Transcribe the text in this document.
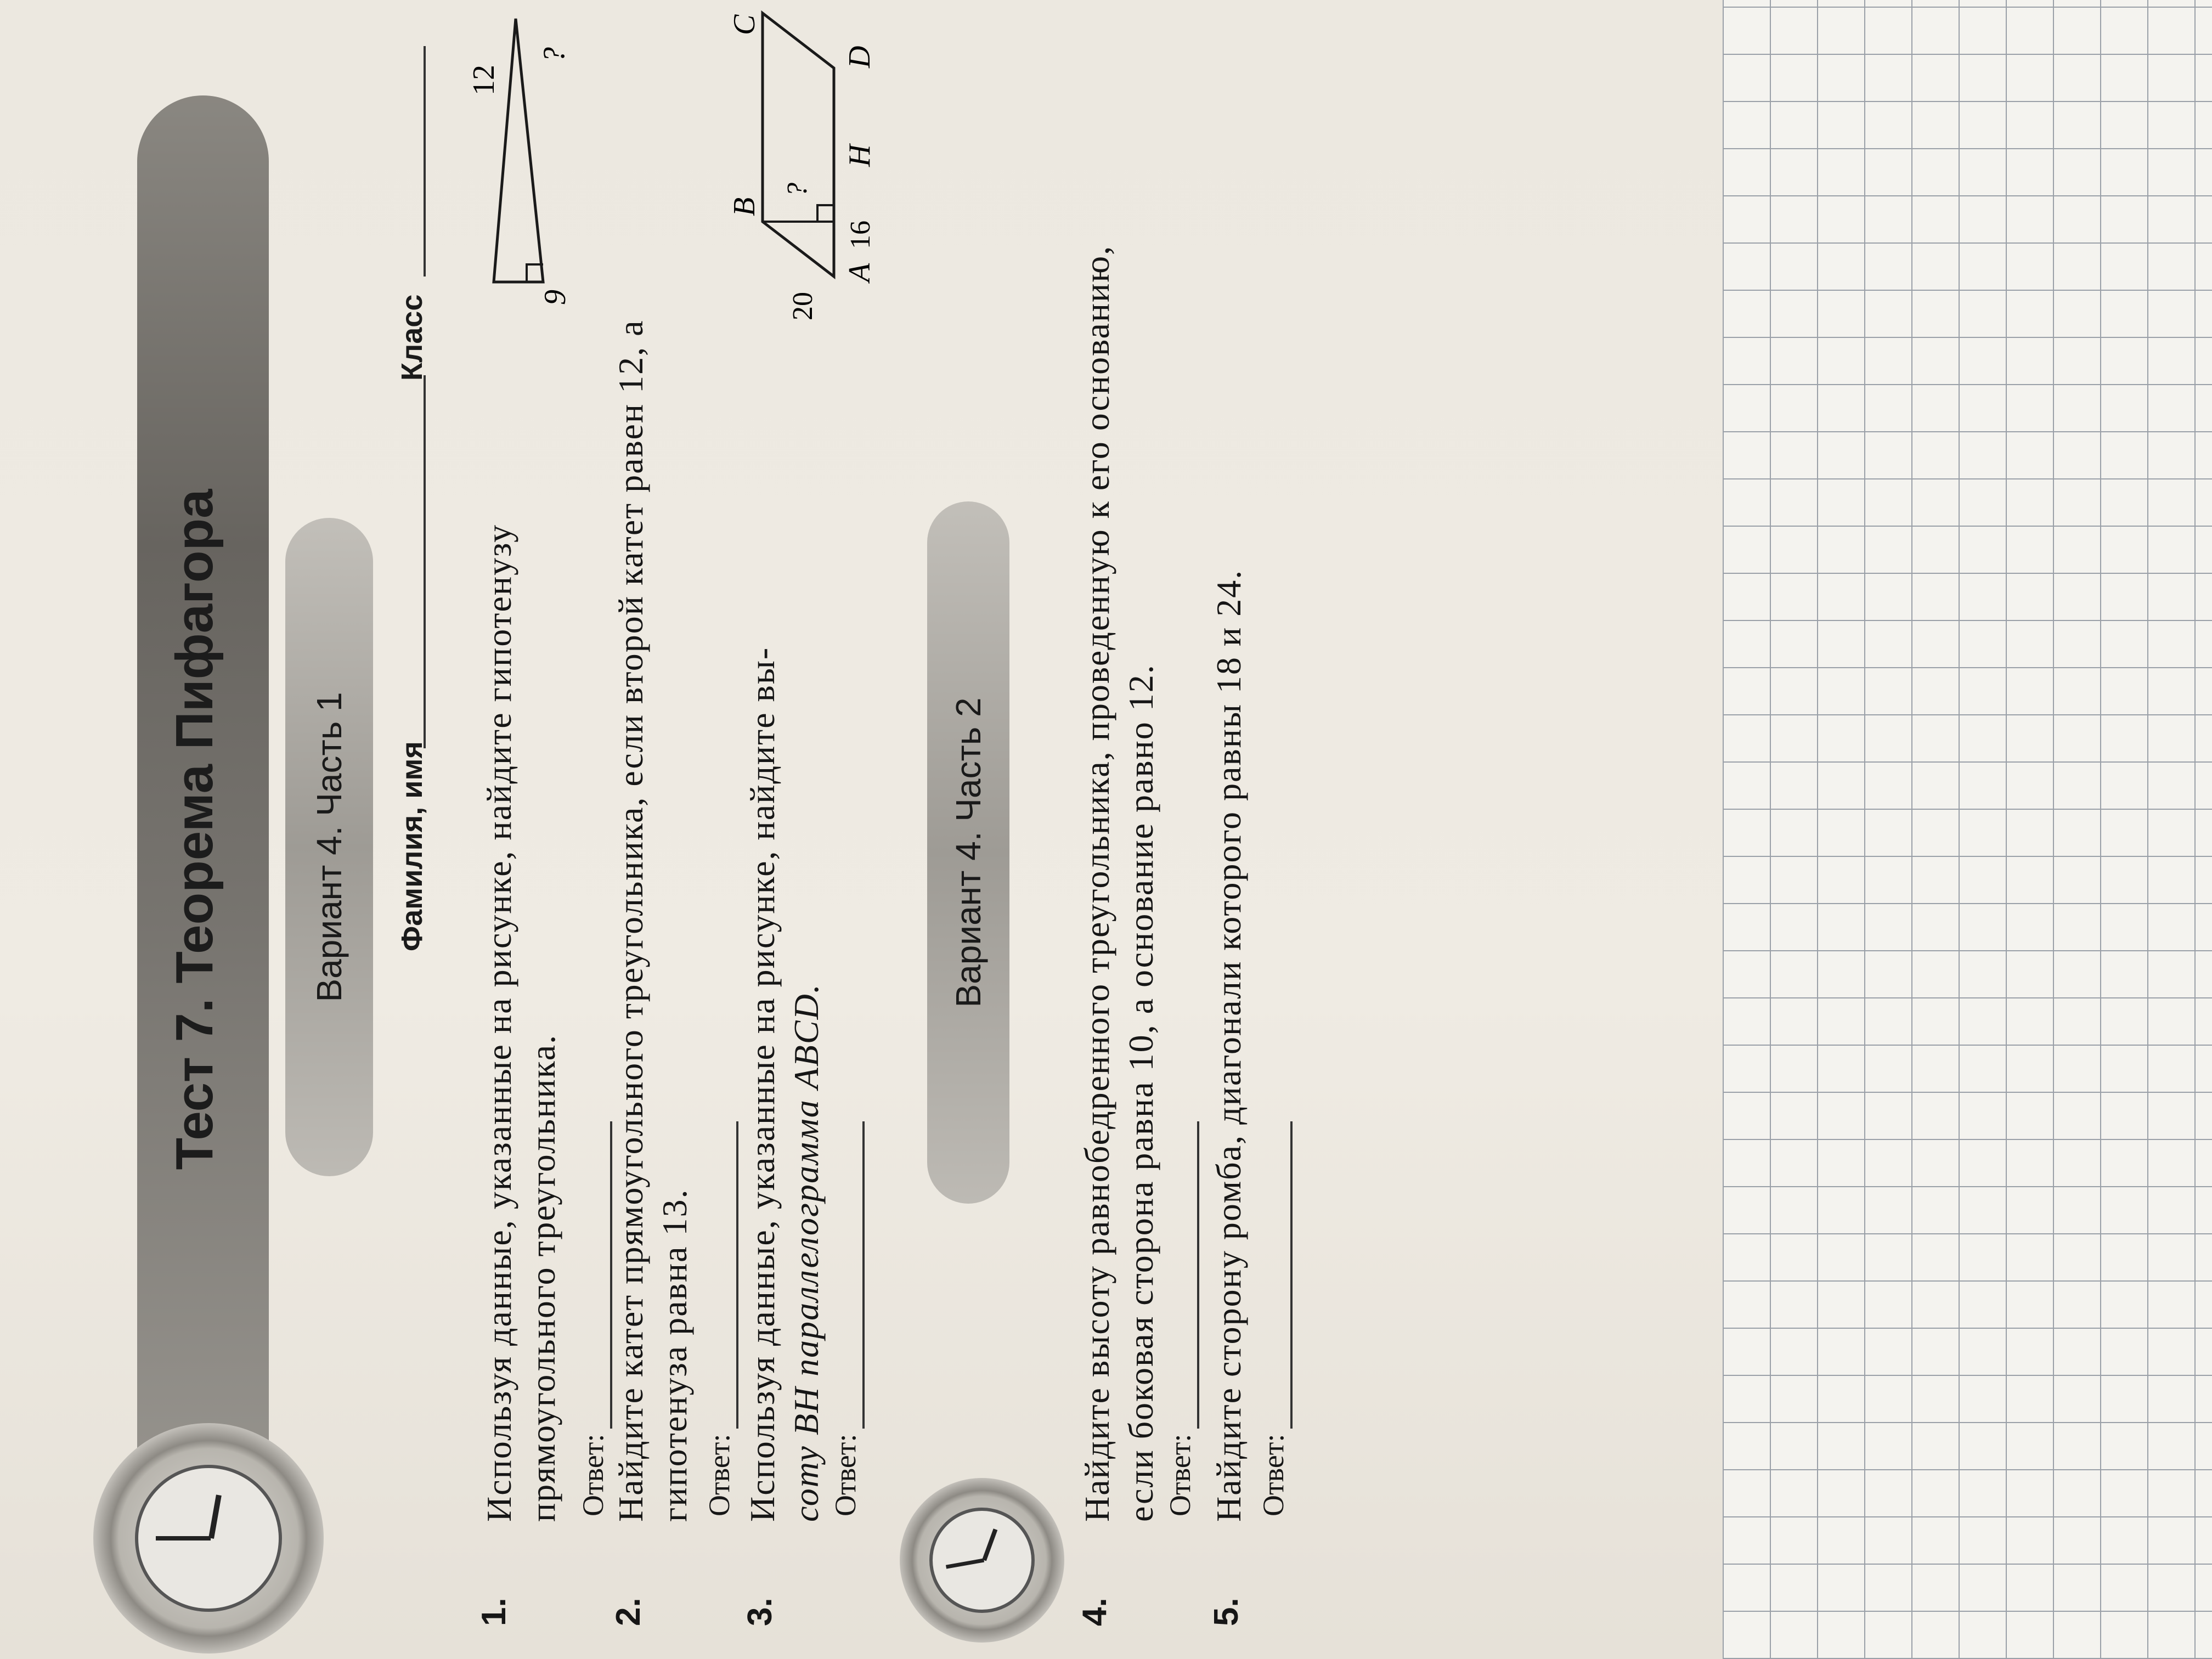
Тест 7. Теорема Пифагора	Фамилия, имя
Класс
Вариант 4. Часть 1
1.
Используя данные, указанные на рисунке, найдите гипотенузу прямоугольного треугольника. Ответ:
9
12
?
2.
Найдите катет прямоугольного треугольника, если второй катет равен 12, а гипотенуза равна 13. Ответ:
3.
Используя данные, указанные на рисунке, найдите вы- соту BH параллелограмма ABCD. Ответ:
A
H
D
B
C
20
16
?
Вариант 4. Часть 2
4.
Найдите высоту равнобедренного треугольника, проведенную к его основанию, если боковая сторона равна 10, а основание равно 12. Ответ:
5.
Найдите сторону ромба, диагонали которого равны 18 и 24. Ответ:
